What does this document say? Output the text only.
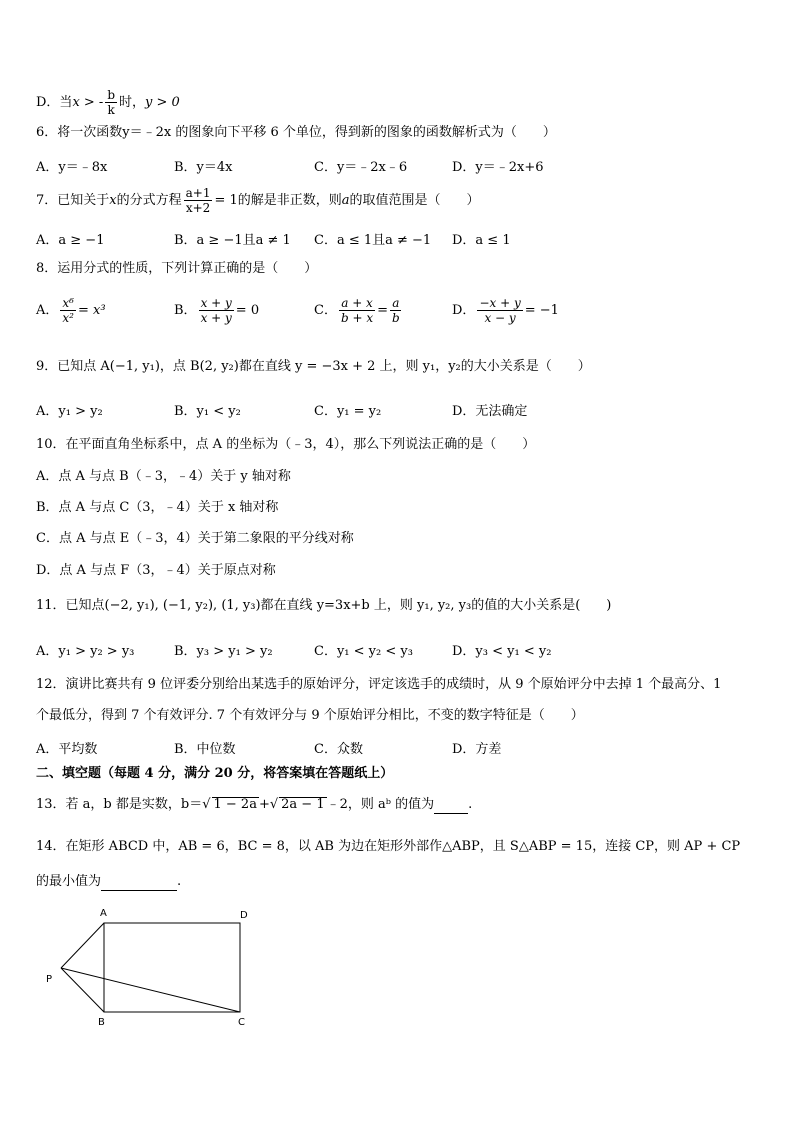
D．当x > - $\frac{b}{k}$ 时，y > 0
6．将一次函数y＝﹣2x 的图象向下平移 6 个单位，得到新的图象的函数解析式为（　　）
A．y＝﹣8x	B．y＝4x	C．y＝﹣2x﹣6	D．y＝﹣2x+6
7．已知关于x的分式方程 $\frac{a+1}{x+2} = 1$的解是非正数，则a的取值范围是（　　）
A．a ≥ −1	B．a ≥ −1且a ≠ 1 C．a ≤ 1且a ≠ −1 D．a ≤ 1
8．运用分式的性质，下列计算正确的是（　　）
A． $\frac{\text{x⁶}}{\text{x²}} = x^3$	B． $\frac{x + y}{x + y} = 0$	C． $\frac{a + x}{b + x} = \frac{a}{b}$	D． $\frac{-x + y}{x - y} = -1$
9．已知点 A(−1, y₁)，点 B(2, y₂)都在直线 y = −3x + 2 上，则 y₁，y₂的大小关系是（　　）
A．y₁ > y₂	B．y₁ < y₂	C．y₁ = y₂	D．无法确定
10．在平面直角坐标系中，点 A 的坐标为（﹣3，4），那么下列说法正确的是（　　）
A．点 A 与点 B（﹣3，﹣4）关于 y 轴对称
B．点 A 与点 C（3，﹣4）关于 x 轴对称
C．点 A 与点 E（﹣3，4）关于第二象限的平分线对称
D．点 A 与点 F（3，﹣4）关于原点对称
11．已知点(−2, y₁), (−1, y₂), (1, y₃)都在直线 y=3x+b 上，则 y₁, y₂, y₃的值的大小关系是(　　)
A．y₁ > y₂ > y₃	B．y₃ > y₁ > y₂	C．y₁ < y₂ < y₃	D．y₃ < y₁ < y₂
12．演讲比赛共有 9 位评委分别给出某选手的原始评分，评定该选手的成绩时，从 9 个原始评分中去掉 1 个最高分、1
个最低分，得到 7 个有效评分. 7 个有效评分与 9 个原始评分相比，不变的数字特征是（　　）
A．平均数	B．中位数	C．众数	D．方差
二、填空题（每题 4 分，满分 20 分，将答案填在答题纸上）
13．若 a，b 都是实数，b＝√ 1 − 2a +√ 2a − 1 ﹣2，则 aᵇ 的值为	.
14．在矩形 ABCD 中，AB = 6，BC = 8，以 AB 为边在矩形外部作△ABP，且 S△ABP = 15，连接 CP，则 AP + CP
的最小值为	.
A	D
P
B	C
